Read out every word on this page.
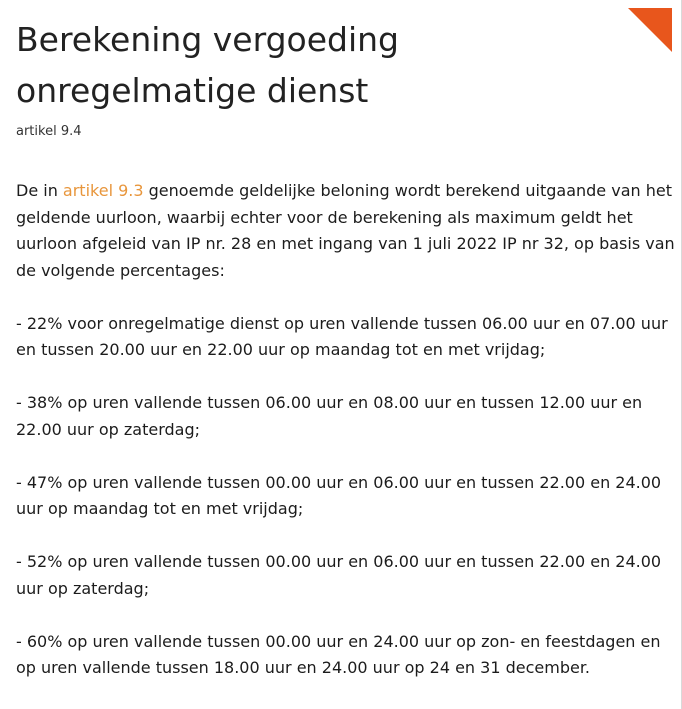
Berekening vergoeding
onregelmatige dienst
artikel 9.4

De in artikel 9.3 genoemde geldelijke beloning wordt berekend uitgaande van het geldende uurloon, waarbij echter voor de berekening als maximum geldt het uurloon afgeleid van IP nr. 28 en met ingang van 1 juli 2022 IP nr 32, op basis van de volgende percentages:

- 22% voor onregelmatige dienst op uren vallende tussen 06.00 uur en 07.00 uur en tussen 20.00 uur en 22.00 uur op maandag tot en met vrijdag;

- 38% op uren vallende tussen 06.00 uur en 08.00 uur en tussen 12.00 uur en 22.00 uur op zaterdag;

- 47% op uren vallende tussen 00.00 uur en 06.00 uur en tussen 22.00 en 24.00 uur op maandag tot en met vrijdag;

- 52% op uren vallende tussen 00.00 uur en 06.00 uur en tussen 22.00 en 24.00 uur op zaterdag;

- 60% op uren vallende tussen 00.00 uur en 24.00 uur op zon- en feestdagen en op uren vallende tussen 18.00 uur en 24.00 uur op 24 en 31 december.
